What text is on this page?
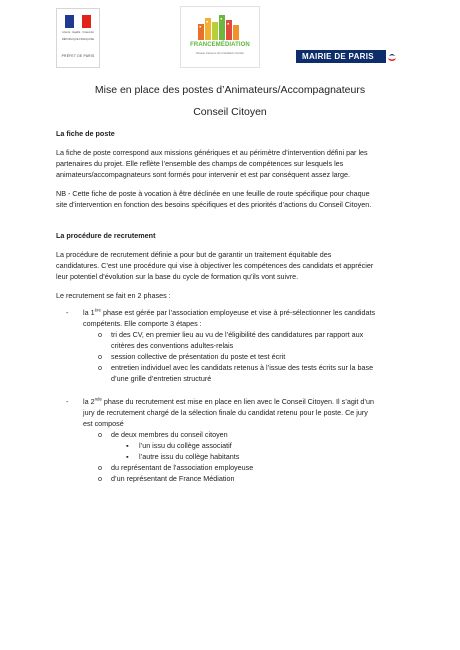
Liberté · Égalité · Fraternité
RÉPUBLIQUE FRANÇAISE
PRÉFET DE PARIS
FRANCEMÉDIATION
Réseau d'acteurs de la Médiation Sociale	MAIRIE DE PARIS
Mise en place des postes d’Animateurs/Accompagnateurs
Conseil Citoyen

La fiche de poste

La fiche de poste correspond aux missions génériques et au périmètre d’intervention défini par les

partenaires du projet. Elle reflète l’ensemble des champs de compétences sur lesquels les

animateurs/accompagnateurs sont formés pour intervenir et est par conséquent assez large.

NB - Cette fiche de poste à vocation à être déclinée en une feuille de route spécifique pour chaque

site d’intervention en fonction des besoins spécifiques et des priorités d’actions du Conseil Citoyen.

La procédure de recrutement

La procédure de recrutement définie a pour but de garantir un traitement équitable des

candidatures. C’est une procédure qui vise à objectiver les compétences des candidats et apprécier

leur potentiel d’évolution sur la base du cycle de formation qu’ils vont suivre.

Le recrutement se fait en 2 phases :

- la 1ère phase est gérée par l’association employeuse et vise à pré-sélectionner les candidats

compétents. Elle comporte 3 étapes :

o tri des CV, en premier lieu au vu de l’éligibilité des candidatures par rapport aux

critères des conventions adultes-relais

o session collective de présentation du poste et test écrit

o entretien individuel avec les candidats retenus à l’issue des tests écrits sur la base

d’une grille d’entretien structuré

- la 2nde phase du recrutement est mise en place en lien avec le Conseil Citoyen. Il s’agit d’un

jury de recrutement chargé de la sélection finale du candidat retenu pour le poste. Ce jury

est composé

o de deux membres du conseil citoyen

▪ l’un issu du collège associatif

▪ l’autre issu du collège habitants

o du représentant de l’association employeuse

o d’un représentant de France Médiation
